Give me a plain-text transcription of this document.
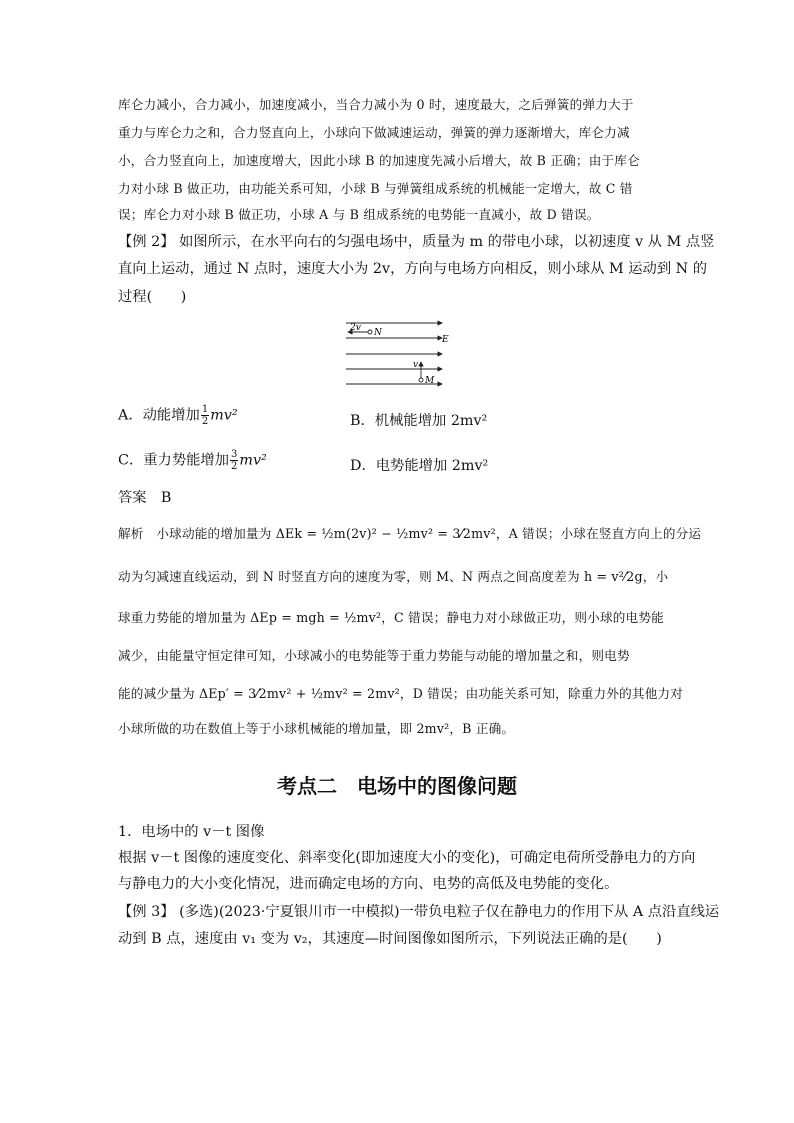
库仑力减小，合力减小，加速度减小，当合力减小为 0 时，速度最大，之后弹簧的弹力大于
重力与库仑力之和，合力竖直向上，小球向下做减速运动，弹簧的弹力逐渐增大，库仑力减
小，合力竖直向上，加速度增大，因此小球 B 的加速度先减小后增大，故 B 正确；由于库仑
力对小球 B 做正功，由功能关系可知，小球 B 与弹簧组成系统的机械能一定增大，故 C 错
误；库仑力对小球 B 做正功，小球 A 与 B 组成系统的电势能一直减小，故 D 错误。
【例 2】 如图所示，在水平向右的匀强电场中，质量为 m 的带电小球，以初速度 v 从 M 点竖
直向上运动，通过 N 点时，速度大小为 2v，方向与电场方向相反，则小球从 M 运动到 N 的
过程(　　)
2v N
E
v
M
A．动能增加 $\frac{1}{2} mv^2$	B．机械能增加 2mv²
C．重力势能增加 $\frac{3}{2} mv^2$	D．电势能增加 2mv²
答案　B
解析　小球动能的增加量为 ΔEk = ½m(2v)² − ½mv² = 3⁄2mv²，A 错误；小球在竖直方向上的分运
动为匀减速直线运动，到 N 时竖直方向的速度为零，则 M、N 两点之间高度差为 h = v²⁄2g，小
球重力势能的增加量为 ΔEp = mgh = ½mv²，C 错误；静电力对小球做正功，则小球的电势能
减少，由能量守恒定律可知，小球减小的电势能等于重力势能与动能的增加量之和，则电势
能的减少量为 ΔEp′ = 3⁄2mv² + ½mv² = 2mv²，D 错误；由功能关系可知，除重力外的其他力对
小球所做的功在数值上等于小球机械能的增加量，即 2mv²，B 正确。
考点二　电场中的图像问题
1．电场中的 v－t 图像
根据 v－t 图像的速度变化、斜率变化(即加速度大小的变化)，可确定电荷所受静电力的方向
与静电力的大小变化情况，进而确定电场的方向、电势的高低及电势能的变化。
【例 3】 (多选)(2023·宁夏银川市一中模拟)一带负电粒子仅在静电力的作用下从 A 点沿直线运
动到 B 点，速度由 v₁ 变为 v₂，其速度—时间图像如图所示，下列说法正确的是(　　)
